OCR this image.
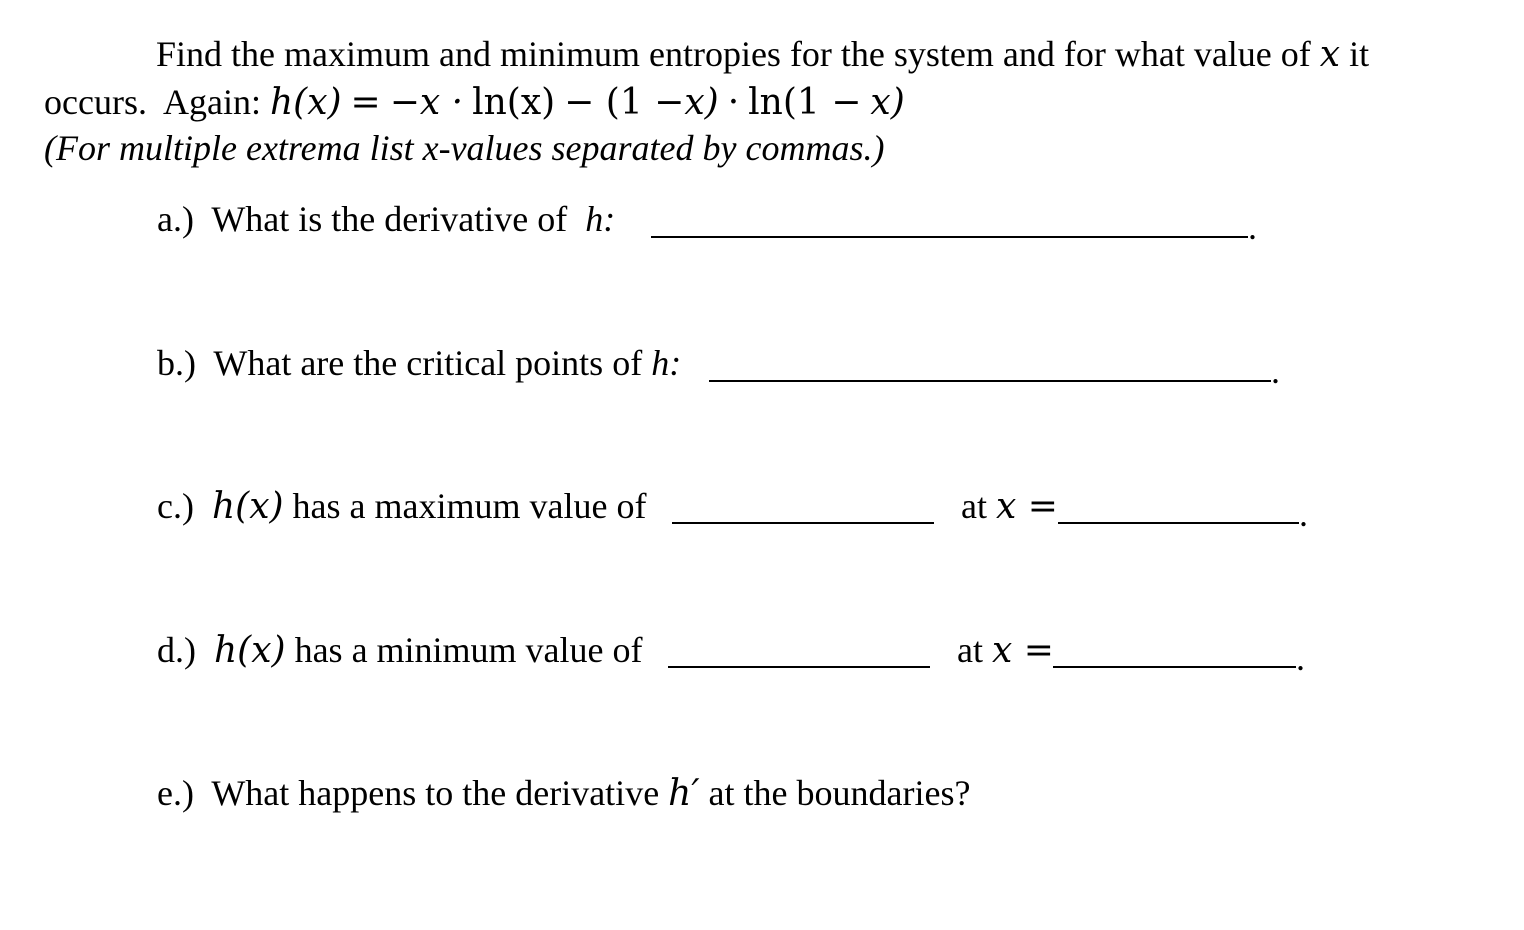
Find the maximum and minimum entropies for the system and for what value of x it
occurs. Again: h(x) = −x · ln(x) − (1 −x) · ln(1 − x)
(For multiple extrema list x-values separated by commas.)
a.) What is the derivative of h:	.
b.) What are the critical points of h:	.
c.) h(x) has a maximum value of	at x =	.
d.) h(x) has a minimum value of	at x =	.
e.) What happens to the derivative h′ at the boundaries?
